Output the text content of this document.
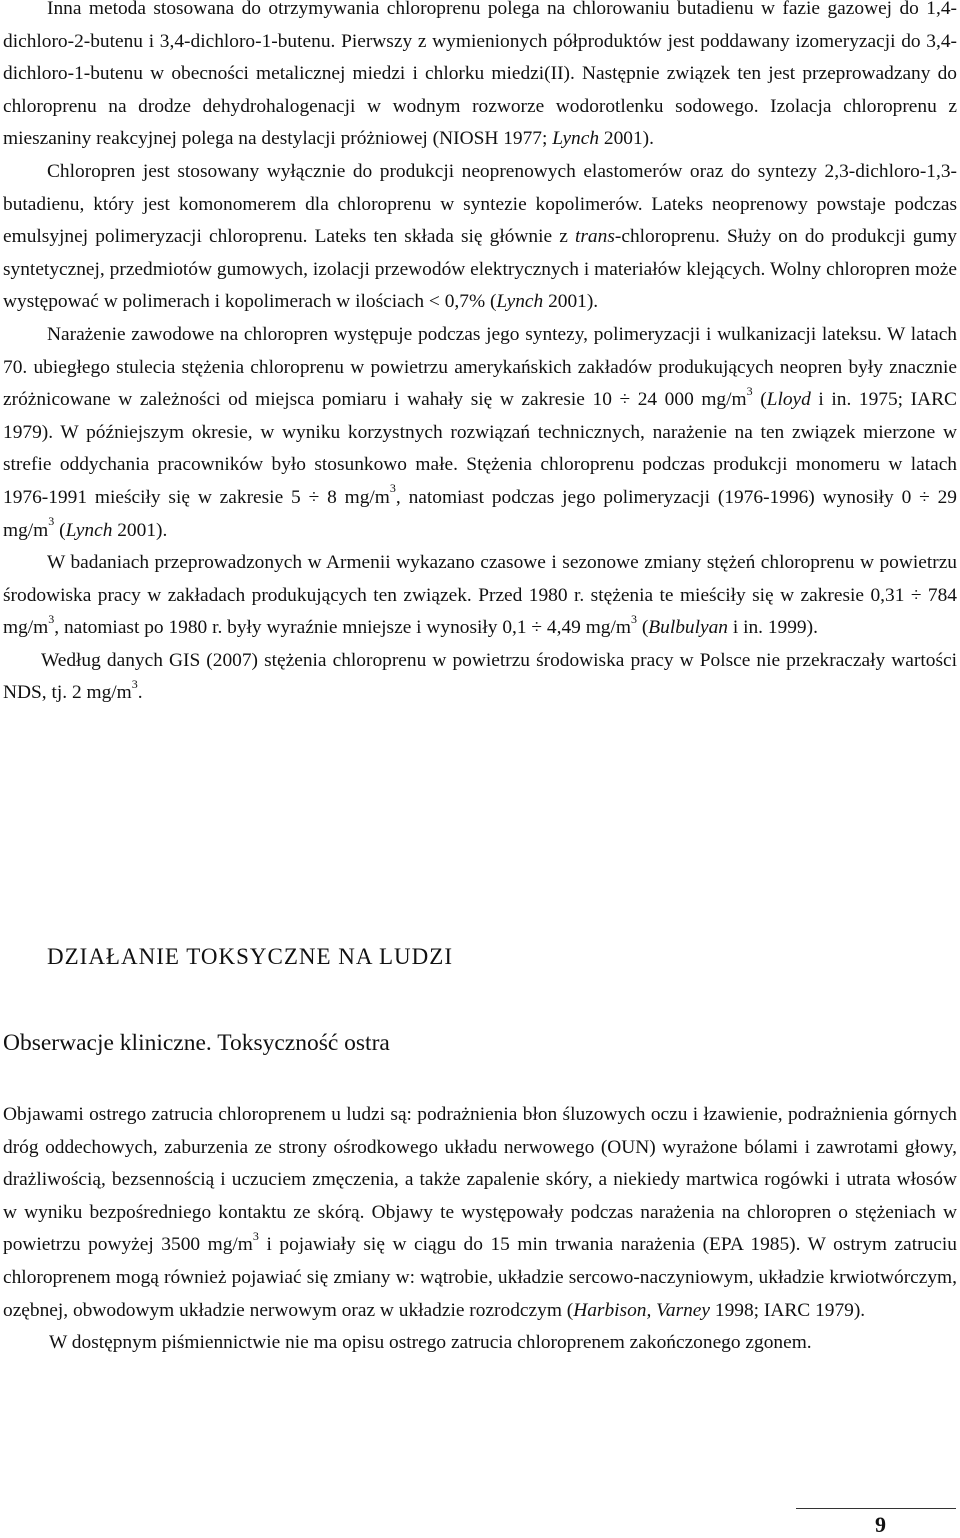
Inna metoda stosowana do otrzymywania chloroprenu polega na chlorowaniu butadienu w fazie gazowej do 1,4-dichloro-2-butenu i 3,4-dichloro-1-butenu. Pierwszy z wymienionych półproduktów jest poddawany izomeryzacji do 3,4-dichloro-1-butenu w obecności metalicznej miedzi i chlorku miedzi(II). Następnie związek ten jest przeprowadzany do chloroprenu na drodze dehydrohalogenacji w wodnym rozworze wodorotlenku sodowego. Izolacja chloroprenu z mieszaniny reakcyjnej polega na destylacji próżniowej (NIOSH 1977; Lynch 2001).

Chloropren jest stosowany wyłącznie do produkcji neoprenowych elastomerów oraz do syntezy 2,3-dichloro-1,3-butadienu, który jest komonomerem dla chloroprenu w syntezie kopolimerów. Lateks neoprenowy powstaje podczas emulsyjnej polimeryzacji chloroprenu. Lateks ten składa się głównie z trans-chloroprenu. Służy on do produkcji gumy syntetycznej, przedmiotów gumowych, izolacji przewodów elektrycznych i materiałów klejących. Wolny chloropren może występować w polimerach i kopolimerach w ilościach < 0,7% (Lynch 2001).

Narażenie zawodowe na chloropren występuje podczas jego syntezy, polimeryzacji i wulkanizacji lateksu. W latach 70. ubiegłego stulecia stężenia chloroprenu w powietrzu amerykańskich zakładów produkujących neopren były znacznie zróżnicowane w zależności od miejsca pomiaru i wahały się w zakresie 10 ÷ 24 000 $mg/m^3$ (Lloyd i in. 1975; IARC 1979). W późniejszym okresie, w wyniku korzystnych rozwiązań technicznych, narażenie na ten związek mierzone w strefie oddychania pracowników było stosunkowo małe. Stężenia chloroprenu podczas produkcji monomeru w latach 1976-1991 mieściły się w zakresie 5 ÷ 8 $mg/m^3$, natomiast podczas jego polimeryzacji (1976-1996) wynosiły 0 ÷ 29 $mg/m^3$ (Lynch 2001).

W badaniach przeprowadzonych w Armenii wykazano czasowe i sezonowe zmiany stężeń chloroprenu w powietrzu środowiska pracy w zakładach produkujących ten związek. Przed 1980 r. stężenia te mieściły się w zakresie 0,31 ÷ 784 $mg/m^3$, natomiast po 1980 r. były wyraźnie mniejsze i wynosiły 0,1 ÷ 4,49 $mg/m^3$ (Bulbulyan i in. 1999).

Według danych GIS (2007) stężenia chloroprenu w powietrzu środowiska pracy w Polsce nie przekraczały wartości NDS, tj. 2 $mg/m^3$.

DZIAŁANIE TOKSYCZNE NA LUDZI
Obserwacje kliniczne. Toksyczność ostra

Objawami ostrego zatrucia chloroprenem u ludzi są: podrażnienia błon śluzowych oczu i łzawienie, podrażnienia górnych dróg oddechowych, zaburzenia ze strony ośrodkowego układu nerwowego (OUN) wyrażone bólami i zawrotami głowy, drażliwością, bezsennością i uczuciem zmęczenia, a także zapalenie skóry, a niekiedy martwica rogówki i utrata włosów w wyniku bezpośredniego kontaktu ze skórą. Objawy te występowały podczas narażenia na chloropren o stężeniach w powietrzu powyżej 3500 $mg/m^3$ i pojawiały się w ciągu do 15 min trwania narażenia (EPA 1985). W ostrym zatruciu chloroprenem mogą również pojawiać się zmiany w: wątrobie, układzie sercowo-naczyniowym, układzie krwiotwórczym, ozębnej, obwodowym układzie nerwowym oraz w układzie rozrodczym (Harbison, Varney 1998; IARC 1979).

W dostępnym piśmiennictwie nie ma opisu ostrego zatrucia chloroprenem zakończonego zgonem.

9
